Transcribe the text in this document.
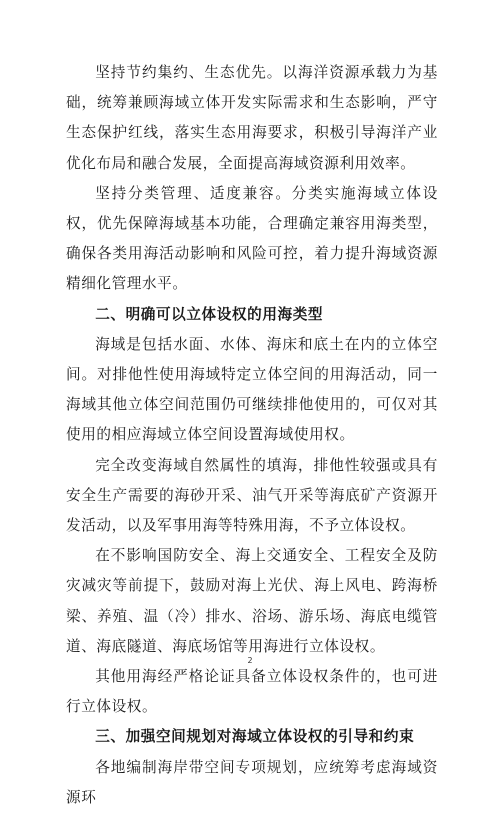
坚持节约集约、生态优先。以海洋资源承载力为基础，统筹兼顾海域立体开发实际需求和生态影响，严守生态保护红线，落实生态用海要求，积极引导海洋产业优化布局和融合发展，全面提高海域资源利用效率。

坚持分类管理、适度兼容。分类实施海域立体设权，优先保障海域基本功能，合理确定兼容用海类型，确保各类用海活动影响和风险可控，着力提升海域资源精细化管理水平。

二、明确可以立体设权的用海类型

海域是包括水面、水体、海床和底土在内的立体空间。对排他性使用海域特定立体空间的用海活动，同一海域其他立体空间范围仍可继续排他使用的，可仅对其使用的相应海域立体空间设置海域使用权。

完全改变海域自然属性的填海，排他性较强或具有安全生产需要的海砂开采、油气开采等海底矿产资源开发活动，以及军事用海等特殊用海，不予立体设权。

在不影响国防安全、海上交通安全、工程安全及防灾减灾等前提下，鼓励对海上光伏、海上风电、跨海桥梁、养殖、温（冷）排水、浴场、游乐场、海底电缆管道、海底隧道、海底场馆等用海进行立体设权。

其他用海经严格论证具备立体设权条件的，也可进行立体设权。

三、加强空间规划对海域立体设权的引导和约束

各地编制海岸带空间专项规划，应统筹考虑海域资源环

2
